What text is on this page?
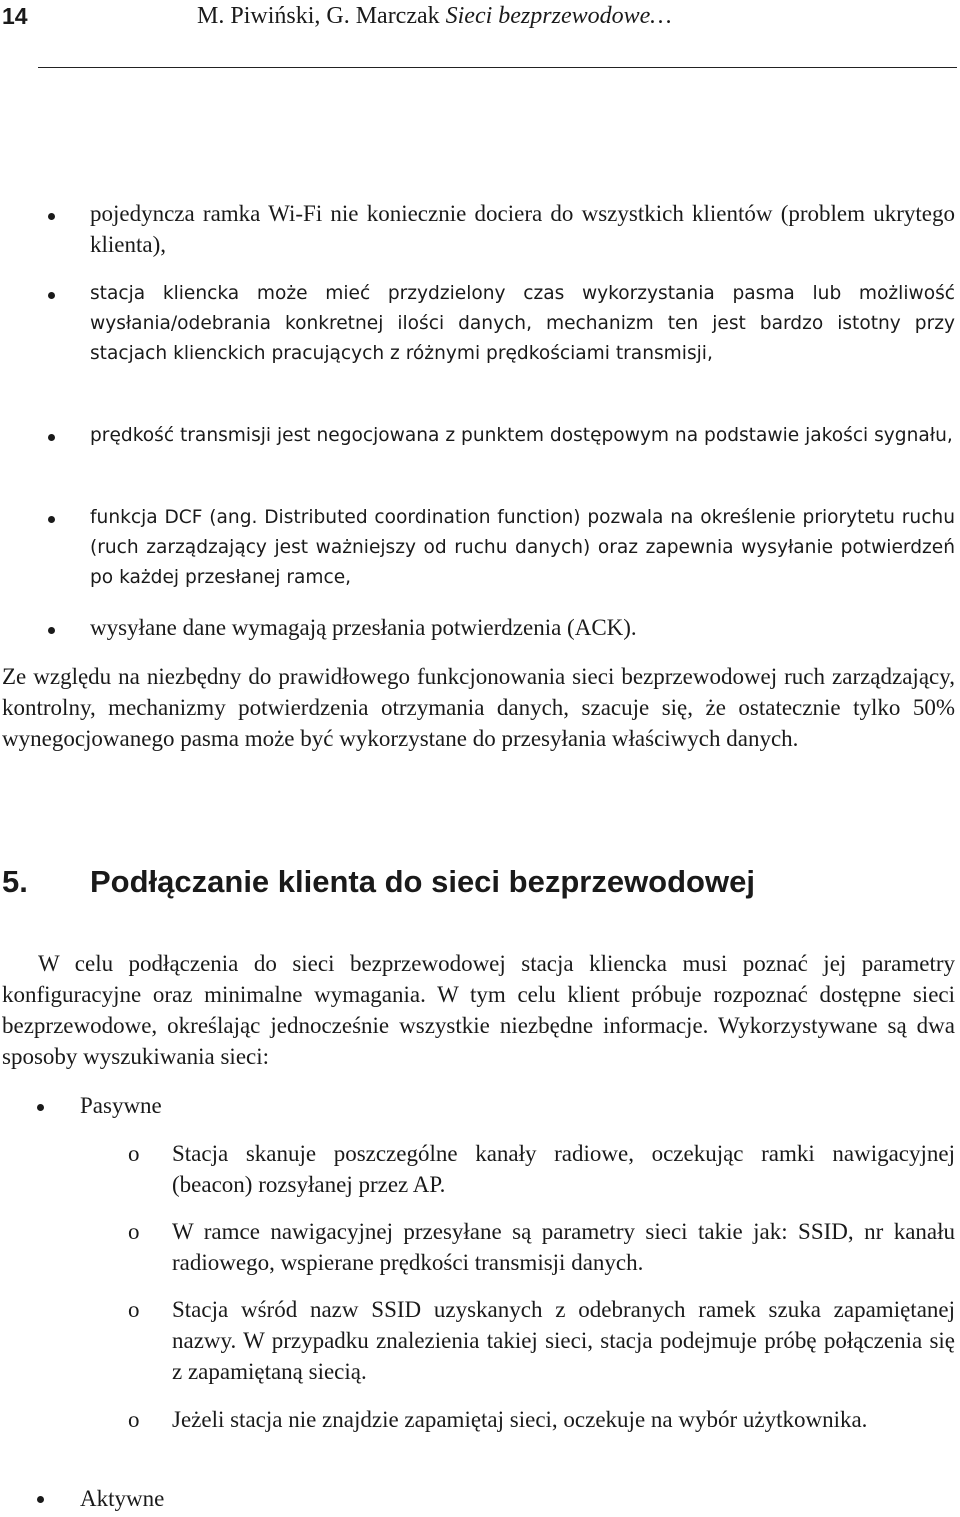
14	M. Piwiński, G. Marczak Sieci bezprzewodowe…

pojedyncza ramka Wi-Fi nie koniecznie dociera do wszystkich klientów (problem ukrytego klienta),

stacja kliencka może mieć przydzielony czas wykorzystania pasma lub możliwość wysłania/odebrania konkretnej ilości danych, mechanizm ten jest bardzo istotny przy stacjach klienckich pracujących z różnymi prędkościami transmisji,

prędkość transmisji jest negocjowana z punktem dostępowym na podstawie jakości sygnału,

funkcja DCF (ang. Distributed coordination function) pozwala na określenie priorytetu ruchu (ruch zarządzający jest ważniejszy od ruchu danych) oraz zapewnia wysyłanie potwierdzeń po każdej przesłanej ramce,

wysyłane dane wymagają przesłania potwierdzenia (ACK).

Ze względu na niezbędny do prawidłowego funkcjonowania sieci bezprzewodowej ruch zarządzający, kontrolny, mechanizmy potwierdzenia otrzymania danych, szacuje się, że ostatecznie tylko 50% wynegocjowanego pasma może być wykorzystane do przesyłania właściwych danych.

5. Podłączanie klienta do sieci bezprzewodowej

W celu podłączenia do sieci bezprzewodowej stacja kliencka musi poznać jej parametry konfiguracyjne oraz minimalne wymagania. W tym celu klient próbuje rozpoznać dostępne sieci bezprzewodowe, określając jednocześnie wszystkie niezbędne informacje. Wykorzystywane są dwa sposoby wyszukiwania sieci:

Pasywne

o Stacja skanuje poszczególne kanały radiowe, oczekując ramki nawigacyjnej (beacon) rozsyłanej przez AP.

o W ramce nawigacyjnej przesyłane są parametry sieci takie jak: SSID, nr kanału radiowego, wspierane prędkości transmisji danych.

o Stacja wśród nazw SSID uzyskanych z odebranych ramek szuka zapamiętanej nazwy. W przypadku znalezienia takiej sieci, stacja podejmuje próbę połączenia się z zapamiętaną siecią.

o Jeżeli stacja nie znajdzie zapamiętaj sieci, oczekuje na wybór użytkownika.

Aktywne
